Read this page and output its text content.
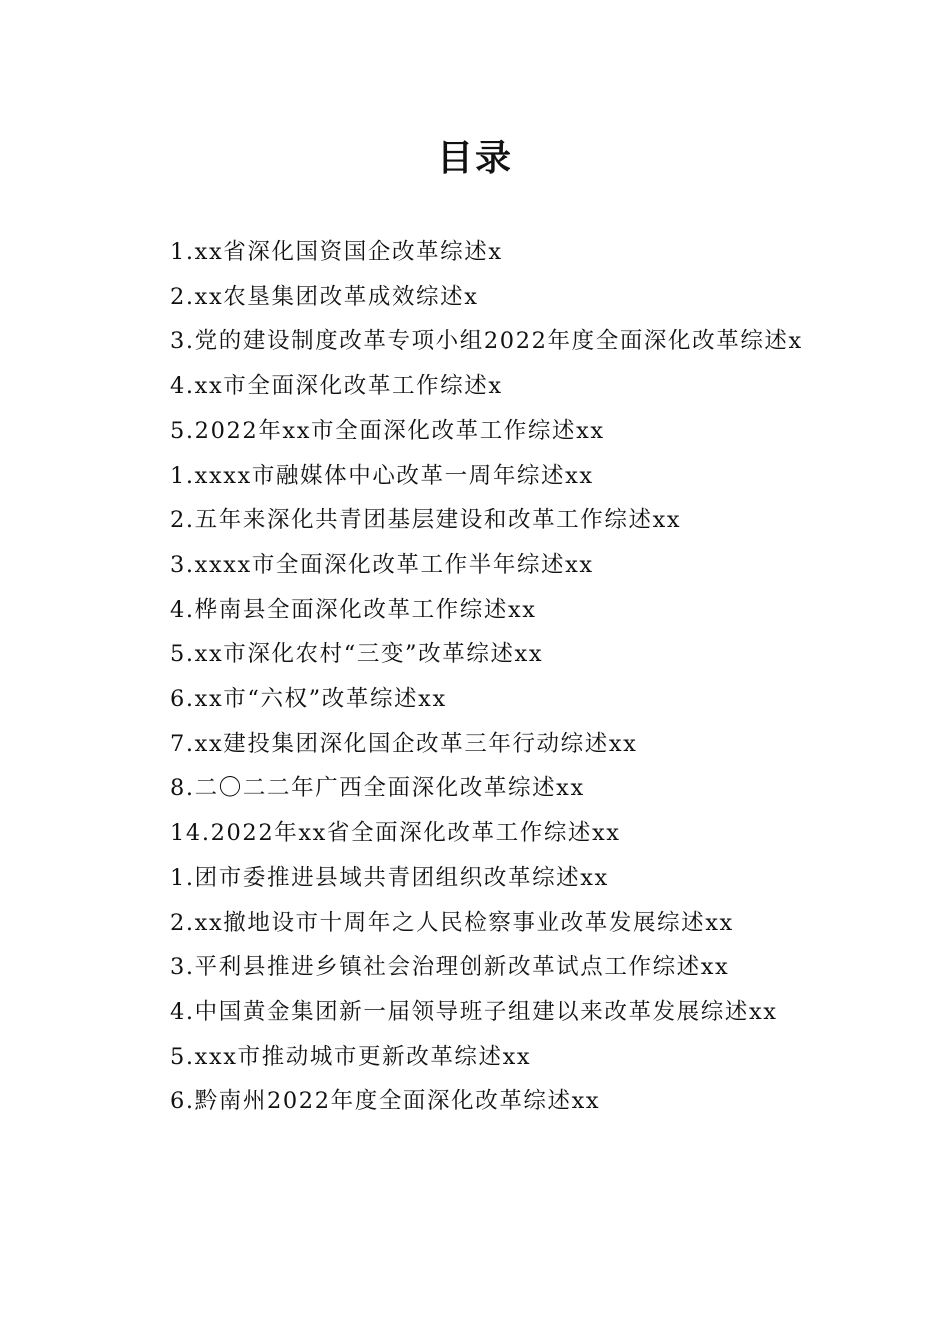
目录
1.xx省深化国资国企改革综述x
2.xx农垦集团改革成效综述x
3.党的建设制度改革专项小组2022年度全面深化改革综述x
4.xx市全面深化改革工作综述x
5.2022年xx市全面深化改革工作综述xx
1.xxxx市融媒体中心改革一周年综述xx
2.五年来深化共青团基层建设和改革工作综述xx
3.xxxx市全面深化改革工作半年综述xx
4.桦南县全面深化改革工作综述xx
5.xx市深化农村“三变”改革综述xx
6.xx市“六权”改革综述xx
7.xx建投集团深化国企改革三年行动综述xx
8.二〇二二年广西全面深化改革综述xx
14.2022年xx省全面深化改革工作综述xx
1.团市委推进县域共青团组织改革综述xx
2.xx撤地设市十周年之人民检察事业改革发展综述xx
3.平利县推进乡镇社会治理创新改革试点工作综述xx
4.中国黄金集团新一届领导班子组建以来改革发展综述xx
5.xxx市推动城市更新改革综述xx
6.黔南州2022年度全面深化改革综述xx
